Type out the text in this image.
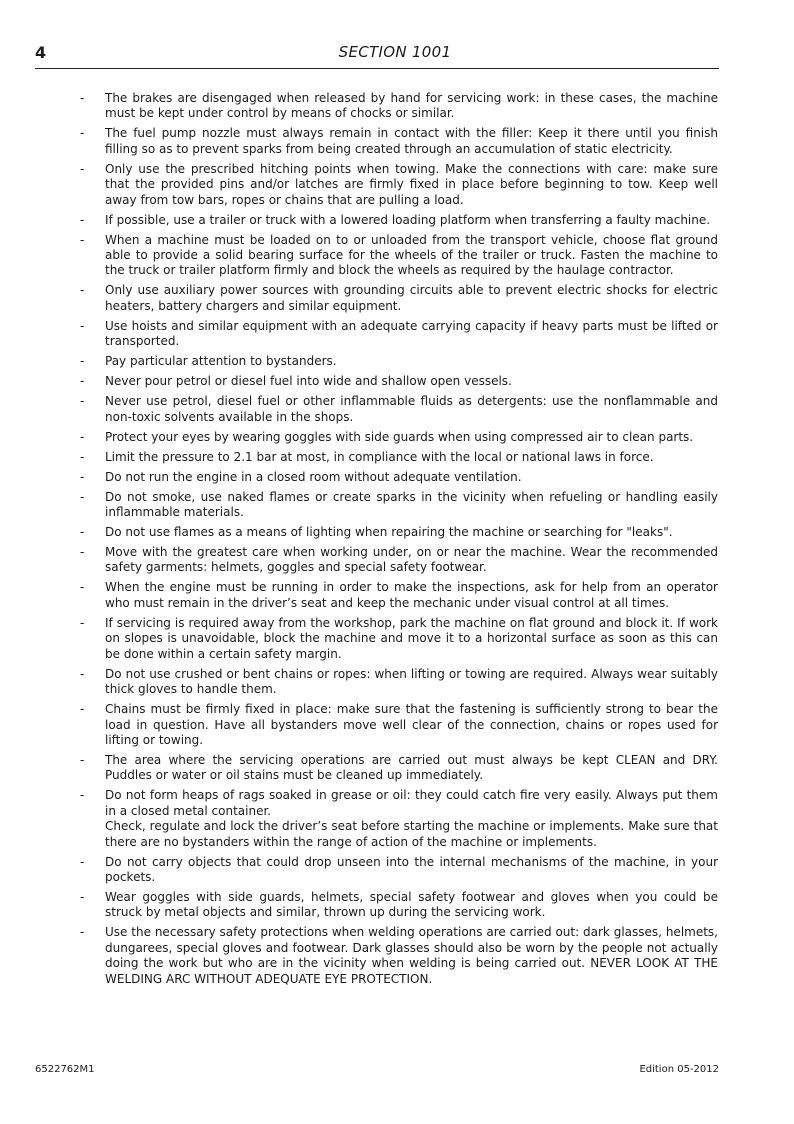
4	SECTION 1001
- The brakes are disengaged when released by hand for servicing work: in these cases, the machine must be kept under control by means of chocks or similar.
- The fuel pump nozzle must always remain in contact with the filler: Keep it there until you finish filling so as to prevent sparks from being created through an accumulation of static electricity.
- Only use the prescribed hitching points when towing. Make the connections with care: make sure that the provided pins and/or latches are firmly fixed in place before beginning to tow. Keep well away from tow bars, ropes or chains that are pulling a load.
- If possible, use a trailer or truck with a lowered loading platform when transferring a faulty machine.
- When a machine must be loaded on to or unloaded from the transport vehicle, choose flat ground able to provide a solid bearing surface for the wheels of the trailer or truck. Fasten the machine to the truck or trailer platform firmly and block the wheels as required by the haulage contractor.
- Only use auxiliary power sources with grounding circuits able to prevent electric shocks for electric heaters, battery chargers and similar equipment.
- Use hoists and similar equipment with an adequate carrying capacity if heavy parts must be lifted or transported.
- Pay particular attention to bystanders.
- Never pour petrol or diesel fuel into wide and shallow open vessels.
- Never use petrol, diesel fuel or other inflammable fluids as detergents: use the nonflammable and non-toxic solvents available in the shops.
- Protect your eyes by wearing goggles with side guards when using compressed air to clean parts.
- Limit the pressure to 2.1 bar at most, in compliance with the local or national laws in force.
- Do not run the engine in a closed room without adequate ventilation.
- Do not smoke, use naked flames or create sparks in the vicinity when refueling or handling easily inflammable materials.
- Do not use flames as a means of lighting when repairing the machine or searching for "leaks".
- Move with the greatest care when working under, on or near the machine. Wear the recommended safety garments: helmets, goggles and special safety footwear.
- When the engine must be running in order to make the inspections, ask for help from an operator who must remain in the driver’s seat and keep the mechanic under visual control at all times.
- If servicing is required away from the workshop, park the machine on flat ground and block it. If work on slopes is unavoidable, block the machine and move it to a horizontal surface as soon as this can be done within a certain safety margin.
- Do not use crushed or bent chains or ropes: when lifting or towing are required. Always wear suitably thick gloves to handle them.
- Chains must be firmly fixed in place: make sure that the fastening is sufficiently strong to bear the load in question. Have all bystanders move well clear of the connection, chains or ropes used for lifting or towing.
- The area where the servicing operations are carried out must always be kept CLEAN and DRY. Puddles or water or oil stains must be cleaned up immediately.
- Do not form heaps of rags soaked in grease or oil: they could catch fire very easily. Always put them in a closed metal container.
Check, regulate and lock the driver’s seat before starting the machine or implements. Make sure that there are no bystanders within the range of action of the machine or implements.
- Do not carry objects that could drop unseen into the internal mechanisms of the machine, in your pockets.
- Wear goggles with side guards, helmets, special safety footwear and gloves when you could be struck by metal objects and similar, thrown up during the servicing work.
- Use the necessary safety protections when welding operations are carried out: dark glasses, helmets, dungarees, special gloves and footwear. Dark glasses should also be worn by the people not actually doing the work but who are in the vicinity when welding is being carried out. NEVER LOOK AT THE WELDING ARC WITHOUT ADEQUATE EYE PROTECTION.
6522762M1	Edition 05-2012
